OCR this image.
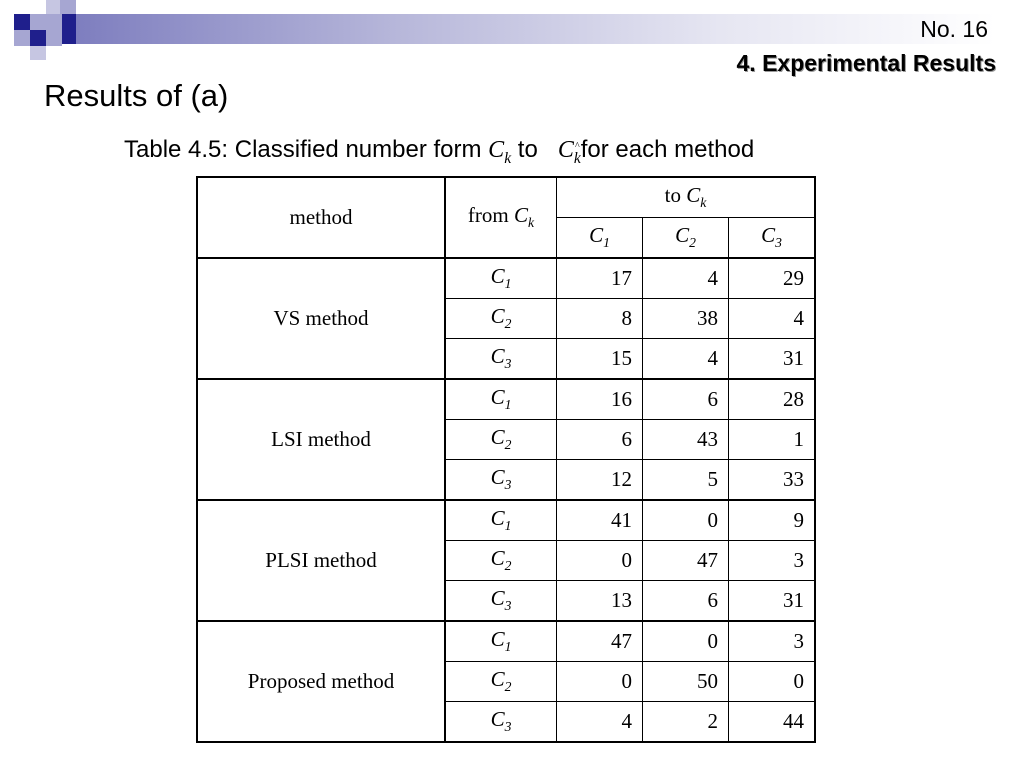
No. 16
4. Experimental Results
Results of (a)
Table 4.5: Classified number form $C_k$ to C^ $_k$for each method
method	from $C_k$	to $C_k$
		$C_1$	$C_2$	$C_3$
VS method	$C_1$	17	4	29
	$C_2$	8	38	4
	$C_3$	15	4	31
LSI method	$C_1$	16	6	28
	$C_2$	6	43	1
	$C_3$	12	5	33
PLSI method	$C_1$	41	0	9
	$C_2$	0	47	3
	$C_3$	13	6	31
Proposed method	$C_1$	47	0	3
	$C_2$	0	50	0
	$C_3$	4	2	44
